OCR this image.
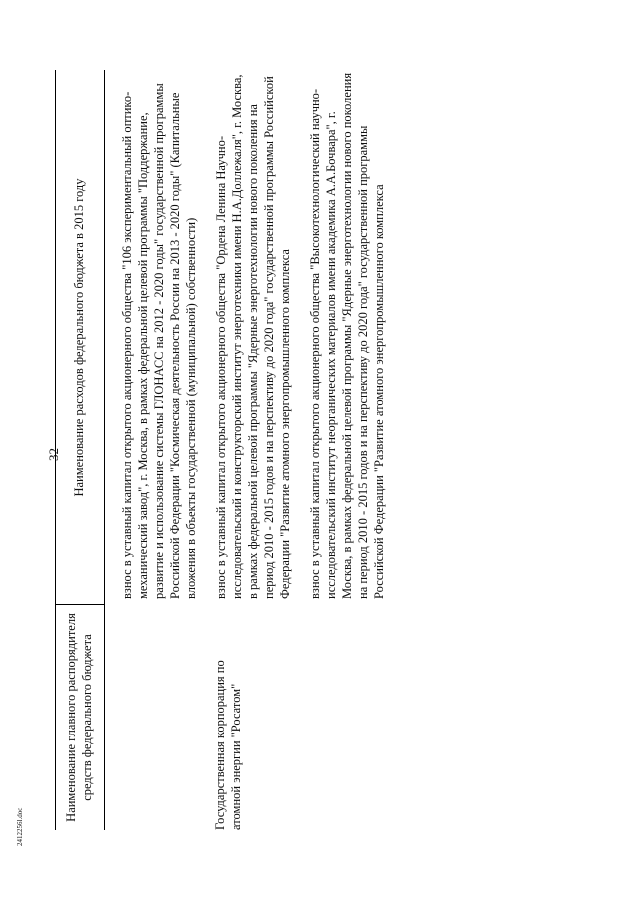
32
Наименование главного распорядителя средств федерального бюджета
Наименование расходов федерального бюджета в 2015 году	взнос в уставный капитал открытого акционерного общества "106 экспериментальный оптико-механический завод", г. Москва, в рамках федеральной целевой программы "Поддержание, развитие и использование системы ГЛОНАСС на 2012 - 2020 годы" государственной программы Российской Федерации "Космическая деятельность России на 2013 - 2020 годы" (Капитальные вложения в объекты государственной (муниципальной) собственности)

Государственная корпорация по атомной энергии "Росатом"

взнос в уставный капитал открытого акционерного общества "Ордена Ленина Научно-исследовательский и конструкторский институт энерготехники имени Н.А.Доллежаля", г. Москва, в рамках федеральной целевой программы "Ядерные энерготехнологии нового поколения на период 2010 - 2015 годов и на перспективу до 2020 года" государственной программы Российской Федерации "Развитие атомного энергопромышленного комплекса взнос в уставный капитал открытого акционерного общества "Высокотехнологический научно-исследовательский институт неорганических материалов имени академика А.А.Бочвара", г. Москва, в рамках федеральной целевой программы "Ядерные энерготехнологии нового поколения на период 2010 - 2015 годов и на перспективу до 2020 года" государственной программы Российской Федерации "Развитие атомного энергопромышленного комплекса

2412256l.doc
